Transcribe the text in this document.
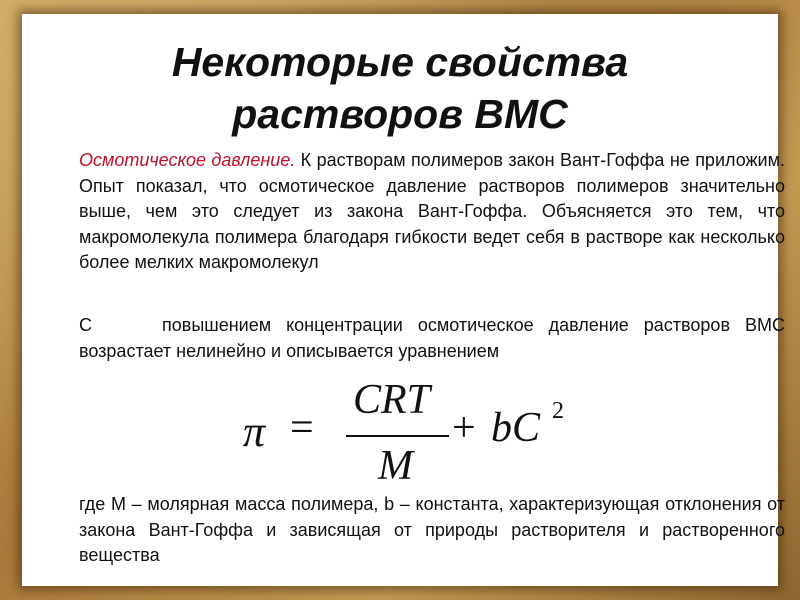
Некоторые свойства
растворов ВМС

Осмотическое давление. К растворам полимеров закон Вант-Гоффа не приложим. Опыт показал, что осмотическое давление растворов полимеров значительно выше, чем это следует из закона Вант-Гоффа. Объясняется это тем, что макромолекула полимера благодаря гибкости ведет себя в растворе как несколько более мелких макромолекул

С	повышением концентрации осмотическое давление растворов ВМС возрастает нелинейно и описывается уравнением

π =
CRT
M
+ bC 2

где M – молярная масса полимера, b – константа, характеризующая отклонения от закона Вант-Гоффа и зависящая от природы растворителя и растворенного вещества
